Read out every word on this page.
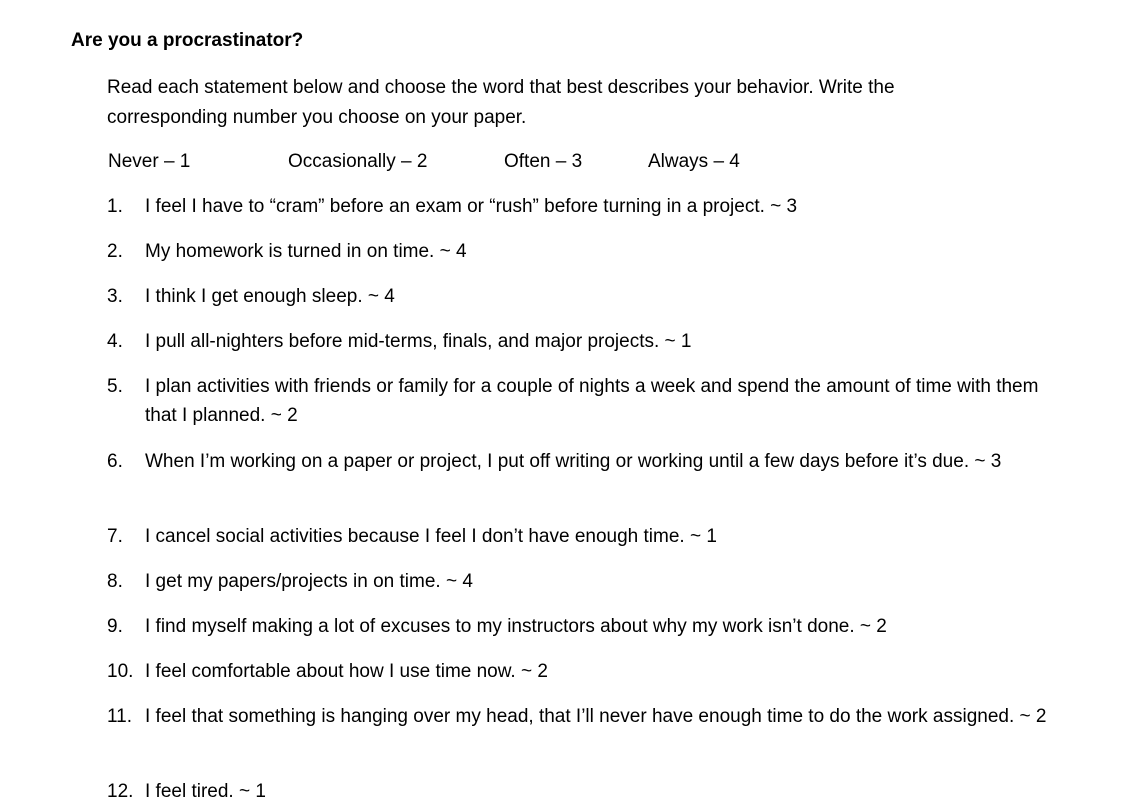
Are you a procrastinator?
Read each statement below and choose the word that best describes your behavior. Write the corresponding number you choose on your paper.
Never – 1	Occasionally – 2	Often – 3	Always – 4
1. I feel I have to “cram” before an exam or “rush” before turning in a project. ~ 3
2. My homework is turned in on time. ~ 4
3. I think I get enough sleep. ~ 4
4. I pull all-nighters before mid-terms, finals, and major projects. ~ 1
5. I plan activities with friends or family for a couple of nights a week and spend the amount of time with them that I planned. ~ 2
6. When I’m working on a paper or project, I put off writing or working until a few days before it’s due. ~ 3
7. I cancel social activities because I feel I don’t have enough time. ~ 1
8. I get my papers/projects in on time. ~ 4
9. I find myself making a lot of excuses to my instructors about why my work isn’t done. ~ 2
10. I feel comfortable about how I use time now. ~ 2
11. I feel that something is hanging over my head, that I’ll never have enough time to do the work assigned. ~ 2
12. I feel tired. ~ 1
